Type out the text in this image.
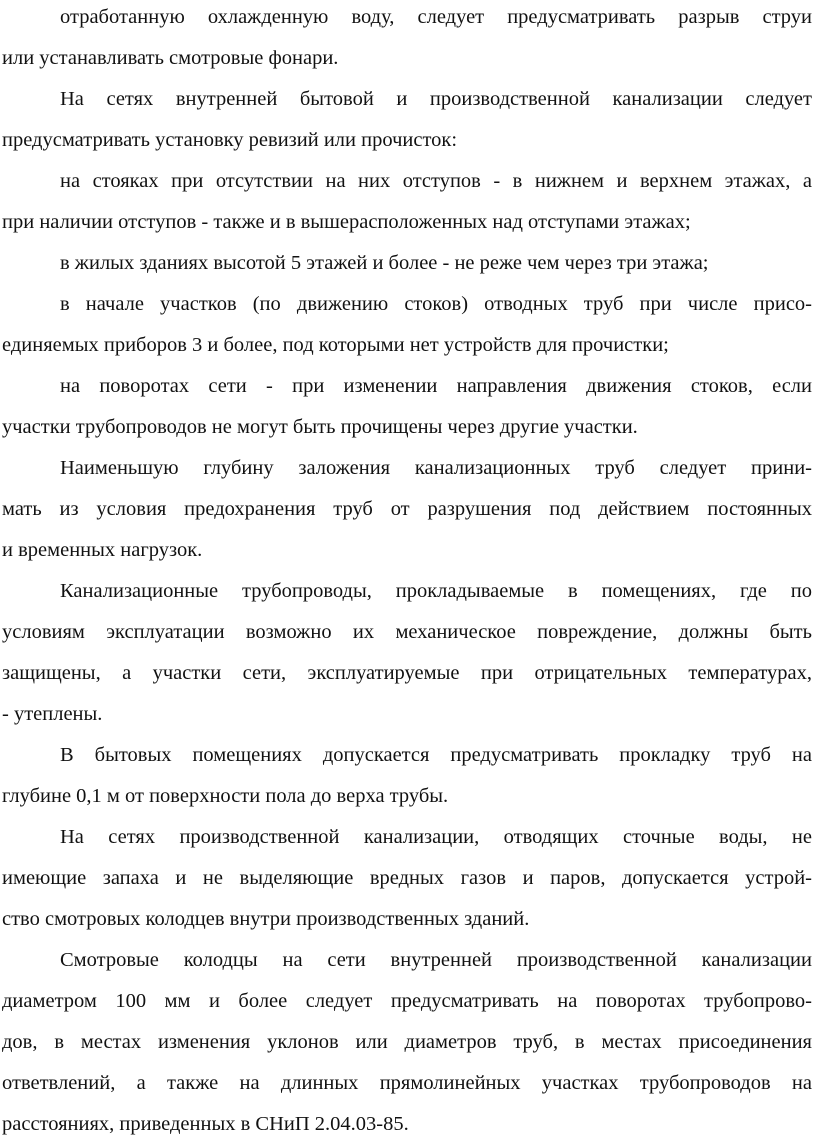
отработанную охлажденную воду, следует предусматривать разрыв струи
или устанавливать смотровые фонари.
На сетях внутренней бытовой и производственной канализации следует
предусматривать установку ревизий или прочисток:
на стояках при отсутствии на них отступов - в нижнем и верхнем этажах, а
при наличии отступов - также и в вышерасположенных над отступами этажах;
в жилых зданиях высотой 5 этажей и более - не реже чем через три этажа;
в начале участков (по движению стоков) отводных труб при числе присо-
единяемых приборов 3 и более, под которыми нет устройств для прочистки;
на поворотах сети - при изменении направления движения стоков, если
участки трубопроводов не могут быть прочищены через другие участки.
Наименьшую глубину заложения канализационных труб следует прини-
мать из условия предохранения труб от разрушения под действием постоянных
и временных нагрузок.
Канализационные трубопроводы, прокладываемые в помещениях, где по
условиям эксплуатации возможно их механическое повреждение, должны быть
защищены, а участки сети, эксплуатируемые при отрицательных температурах,
- утеплены.
В бытовых помещениях допускается предусматривать прокладку труб на
глубине 0,1 м от поверхности пола до верха трубы.
На сетях производственной канализации, отводящих сточные воды, не
имеющие запаха и не выделяющие вредных газов и паров, допускается устрой-
ство смотровых колодцев внутри производственных зданий.
Смотровые колодцы на сети внутренней производственной канализации
диаметром 100 мм и более следует предусматривать на поворотах трубопрово-
дов, в местах изменения уклонов или диаметров труб, в местах присоединения
ответвлений, а также на длинных прямолинейных участках трубопроводов на
расстояниях, приведенных в СНиП 2.04.03-85.
